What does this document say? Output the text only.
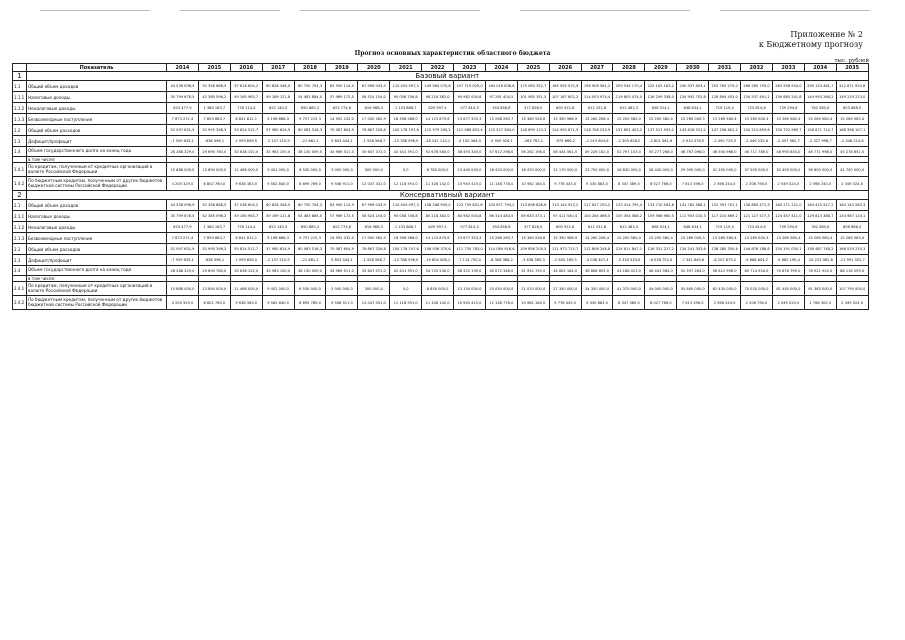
Приложение № 2
к Бюджетному прогнозу
Прогноз основных характеристик областного бюджета
тыс. рублей
	Показатель	2014	2015	2016	2017	2018	2019	2020	2021	2022	2023	2024	2025	2026	2027	2028	2029	2030	2031	2032	2033	2034	2035
1	Базовый вариант																						
1.1	Общий объем доходов	44 538 096,9	52 358 868,5	57 818 604,2	60 828 348,0	60 750 704,3	63 900 114,9	67 998 043,9	110 054 097,3	149 964 070,6	157 719 029,0	164 016 838,6	175 083 352,7	185 959 070,9	198 908 561,2	209 534 170,4	225 105 183,2	240 437 803,1	253 763 275,0	268 285 755,0	283 558 934,0	299 123 481,7	312 871 920,8
1.1.1	Налоговые доходы	35 799 678,5	42 385 596,2	49 160 983,7	49 169 121,8	54 483 884,0	57 989 172,5	58 524 154,0	90 058 706,8	98 218 382,0	94 982 004,8	97 281 404,5	101 985 351,5	107 167 802,2	114 003 974,4	119 805 474,0	126 299 338,0	134 992 752,8	128 894 453,0	134 537 491,1	139 885 241,8	144 993 268,2	149 229 223,0
1.1.2	Неналоговые доходы	823 477,9	1 364 163,7	776 114,4	822 140,5	650 865,2	622 774,6	618 988,3	1 133 868,7	620 997,5	577 814,3	354 856,8	377 826,0	600 922,8	611 151,8	612 483,3	608 524,1	648 634,1	719 119,4	723 614,6	739 294,6	782 580,6	803 688,5
1.1.3	Безвозмездные поступления	7 873 271,4	7 859 883,7	6 841 812,1	9 198 686,3	9 757 215,3	14 952 232,0	17 000 582,9	18 398 586,0	14 123 879,6	13 677 353,3	15 268 265,7	15 360 528,6	15 350 966,9	15 260 208,4	15 200 585,0	15 200 580,4	15 269 000,3	15 269 580,4	15 269 000,3	15 269 580,4	15 269 580,4	15 269 583,4
1.2	Общий объем расходов	52 097 631,9	52 995 398,3	55 824 512,7	57 980 624,9	60 083 516,3	70 087 604,9	76 867 326,8	100 178 197,6	115 979 290,2	112 988 853,4	115 527 584,0	118 899 113,2	124 950 871,5	128 708 233,9	131 891 403,2	137 521 593,2	143 618 521,2	147 256 801,2	154 215 859,6	150 722 989,7	158 671 714,7	166 398 107,1
1.3	Дефицит/профицит	-7 559 635,1	-636 396,1	1 993 656,5	-2 157 210,9	-21 861,1	5 803 444,1	-1 558 566,7	-13 788 596,0	-28 241 110,1	-5 150 364,9	-5 950 926,1	-263 761,1	-975 666,2	-1 015 604,8	-2 305 628,0	-2 801 561,6	-2 910 376,5	-2 490 729,3	-2 449 232,6	-2 457 962,7	-2 327 998,7	-2 348 214,6
1.4	Объем государственного долга на конец года	28 288 329,0	29 690 780,0	30 638 152,0	35 983 150,0	38 130 009,0	34 989 511,0	35 647 372,0	42 441 391,0	52 678 580,0	58 493 345,0	57 612 298,0	56 282 198,0	56 444 561,0	49 226 102,0	52 797 103,0	50 277 268,0	46 767 098,0	46 504 968,0	46 711 789,0	48 993 834,0	46 771 998,0	45 278 851,0
	в том числе:																						
1.4.1	По кредитам, полученным от кредитных организаций в валюте Российской Федерации	15 888 000,0	13 890 000,0	11 486 000,0	9 402 000,0	8 530 000,0	3 000 000,0	300 000,0	0,0	8 780 000,0	13 440 000,0	16 420 000,0	16 470 000,0	15 170 000,0	23 750 000,0	26 830 000,0	28 440 000,0	29 390 000,0	31 550 000,0	37 500 000,0	32 450 000,0	36 600 000,0	42 700 000,0
1.4.2	По бюджетным кредитам, полученным от других бюджетов бюджетной системы Российской Федерации	4 200 329,0	6 802 760,0	9 638 383,0	9 582 840,0	8 699 789,0	9 508 911,0	12 047 331,0	12 118 591,0	11 328 142,0	10 943 415,0	11 148 778,0	10 982 184,0	9 778 443,0	9 330 883,0	8 347 389,0	8 027 766,0	7 613 396,0	2 566 244,0	2 206 790,0	2 049 024,0	2 566 240,0	2 349 024,0
2	Консервативный вариант																						
2.1	Общий объем доходов	44 538 096,9	52 358 868,5	57 038 604,2	60 828 348,0	60 750 704,3	63 900 114,9	67 998 043,9	110 054 097,3	108 288 950,0	123 759 831,8	105 671 794,2	113 896 628,6	113 144 913,2	117 827 250,2	125 414 795,4	133 710 563,8	141 782 588,1	152 391 701,1	156 863 471,3	160 271 221,0	164 425 527,2	164 143 263,3
2.1.1	Налоговые доходы	35 799 678,5	42 385 596,2	49 160 983,7	49 169 121,8	54 483 884,0	57 989 172,5	58 524 154,0	90 058 706,8	80 218 382,0	84 982 004,8	86 314 483,5	89 633 373,1	97 411 540,4	100 284 466,0	105 354 088,2	109 568 980,5	111 903 010,3	117 210 869,2	121 127 477,3	124 457 411,0	129 813 388,7	134 987 114,1
2.1.2	Неналоговые доходы	823 477,9	1 364 163,7	776 114,4	822 140,5	650 865,2	622 774,6	618 988,3	1 133 868,7	620 997,5	577 814,3	354 856,8	377 826,0	600 922,8	611 151,8	612 483,3	608 524,1	648 634,1	719 119,4	723 614,6	739 294,6	782 580,6	806 666,4
2.1.3	Безвозмездные поступления	7 873 271,4	7 859 883,7	6 841 812,1	9 198 686,3	9 757 215,3	14 952 232,0	17 000 582,9	18 398 586,0	14 123 879,6	13 677 353,3	15 268 265,7	15 360 528,6	15 350 966,9	15 260 208,4	15 200 585,0	15 200 580,4	15 269 000,3	15 269 580,4	15 269 000,3	15 269 580,4	15 269 580,4	15 269 583,4
2.2	Общий объем расходов	52 097 631,9	52 995 398,3	55 824 512,7	57 980 624,9	60 083 516,3	70 087 604,9	76 867 326,8	100 178 197,6	108 938 370,6	111 730 783,0	114 084 918,6	109 858 205,5	111 973 715,7	112 808 246,8	124 611 847,1	126 331 227,2	134 241 353,6	138 280 350,6	144 876 188,8	150 191 030,1	158 487 748,2	166 529 235,3
2.3	Дефицит/профицит	-7 559 635,1	-636 396,1	1 993 656,5	-2 157 210,9	-21 861,1	5 803 444,1	-1 558 566,7	-13 788 596,0	-19 804 408,1	-7 114 750,0	-8 306 388,2	-3 638 585,3	-2 645 189,3	-4 038 407,4	-5 334 533,6	-6 038 752,4	-7 341 840,6	-8 207 679,2	-9 688 604,2	-9 662 190,4	-10 223 962,8	-11 991 352,7
2.4	Объем государственного долга на конец года	28 288 329,0	29 690 780,0	30 638 152,0	35 983 150,0	38 130 009,0	34 989 511,0	35 647 372,0	42 441 391,0	54 720 230,0	58 322 195,0	30 072 348,0	31 952 755,0	34 602 184,0	38 666 855,0	43 188 023,0	46 443 564,0	52 597 263,0	58 612 998,0	65 714 954,0	70 676 799,0	78 921 924,0	88 118 593,0
	в том числе:																						
2.4.1	По кредитам, полученным от кредитных организаций в валюте Российской Федерации	15 888 000,0	13 890 000,0	11 486 000,0	9 402 000,0	8 530 000,0	3 000 000,0	300 000,0	0,0	8 830 000,0	13 150 000,0	25 050 000,0	21 010 000,0	27 350 000,0	34 350 000,0	41 370 000,0	49 000 000,0	55 600 000,0	62 430 000,0	70 020 000,0	81 450 000,0	91 383 000,0	107 790 000,0
2.4.2	По бюджетным кредитам, полученным от других бюджетов бюджетной системы Российской Федерации	4 200 329,0	6 802 760,0	9 638 383,0	9 582 840,0	8 699 789,0	9 508 911,0	12 047 331,0	12 118 591,0	11 328 142,0	10 943 415,0	11 148 778,0	10 982 184,0	9 778 443,0	9 330 883,0	8 347 389,0	8 027 766,0	7 613 396,0	2 566 244,0	2 206 790,0	2 049 024,0	1 766 302,0	2 349 024,0
